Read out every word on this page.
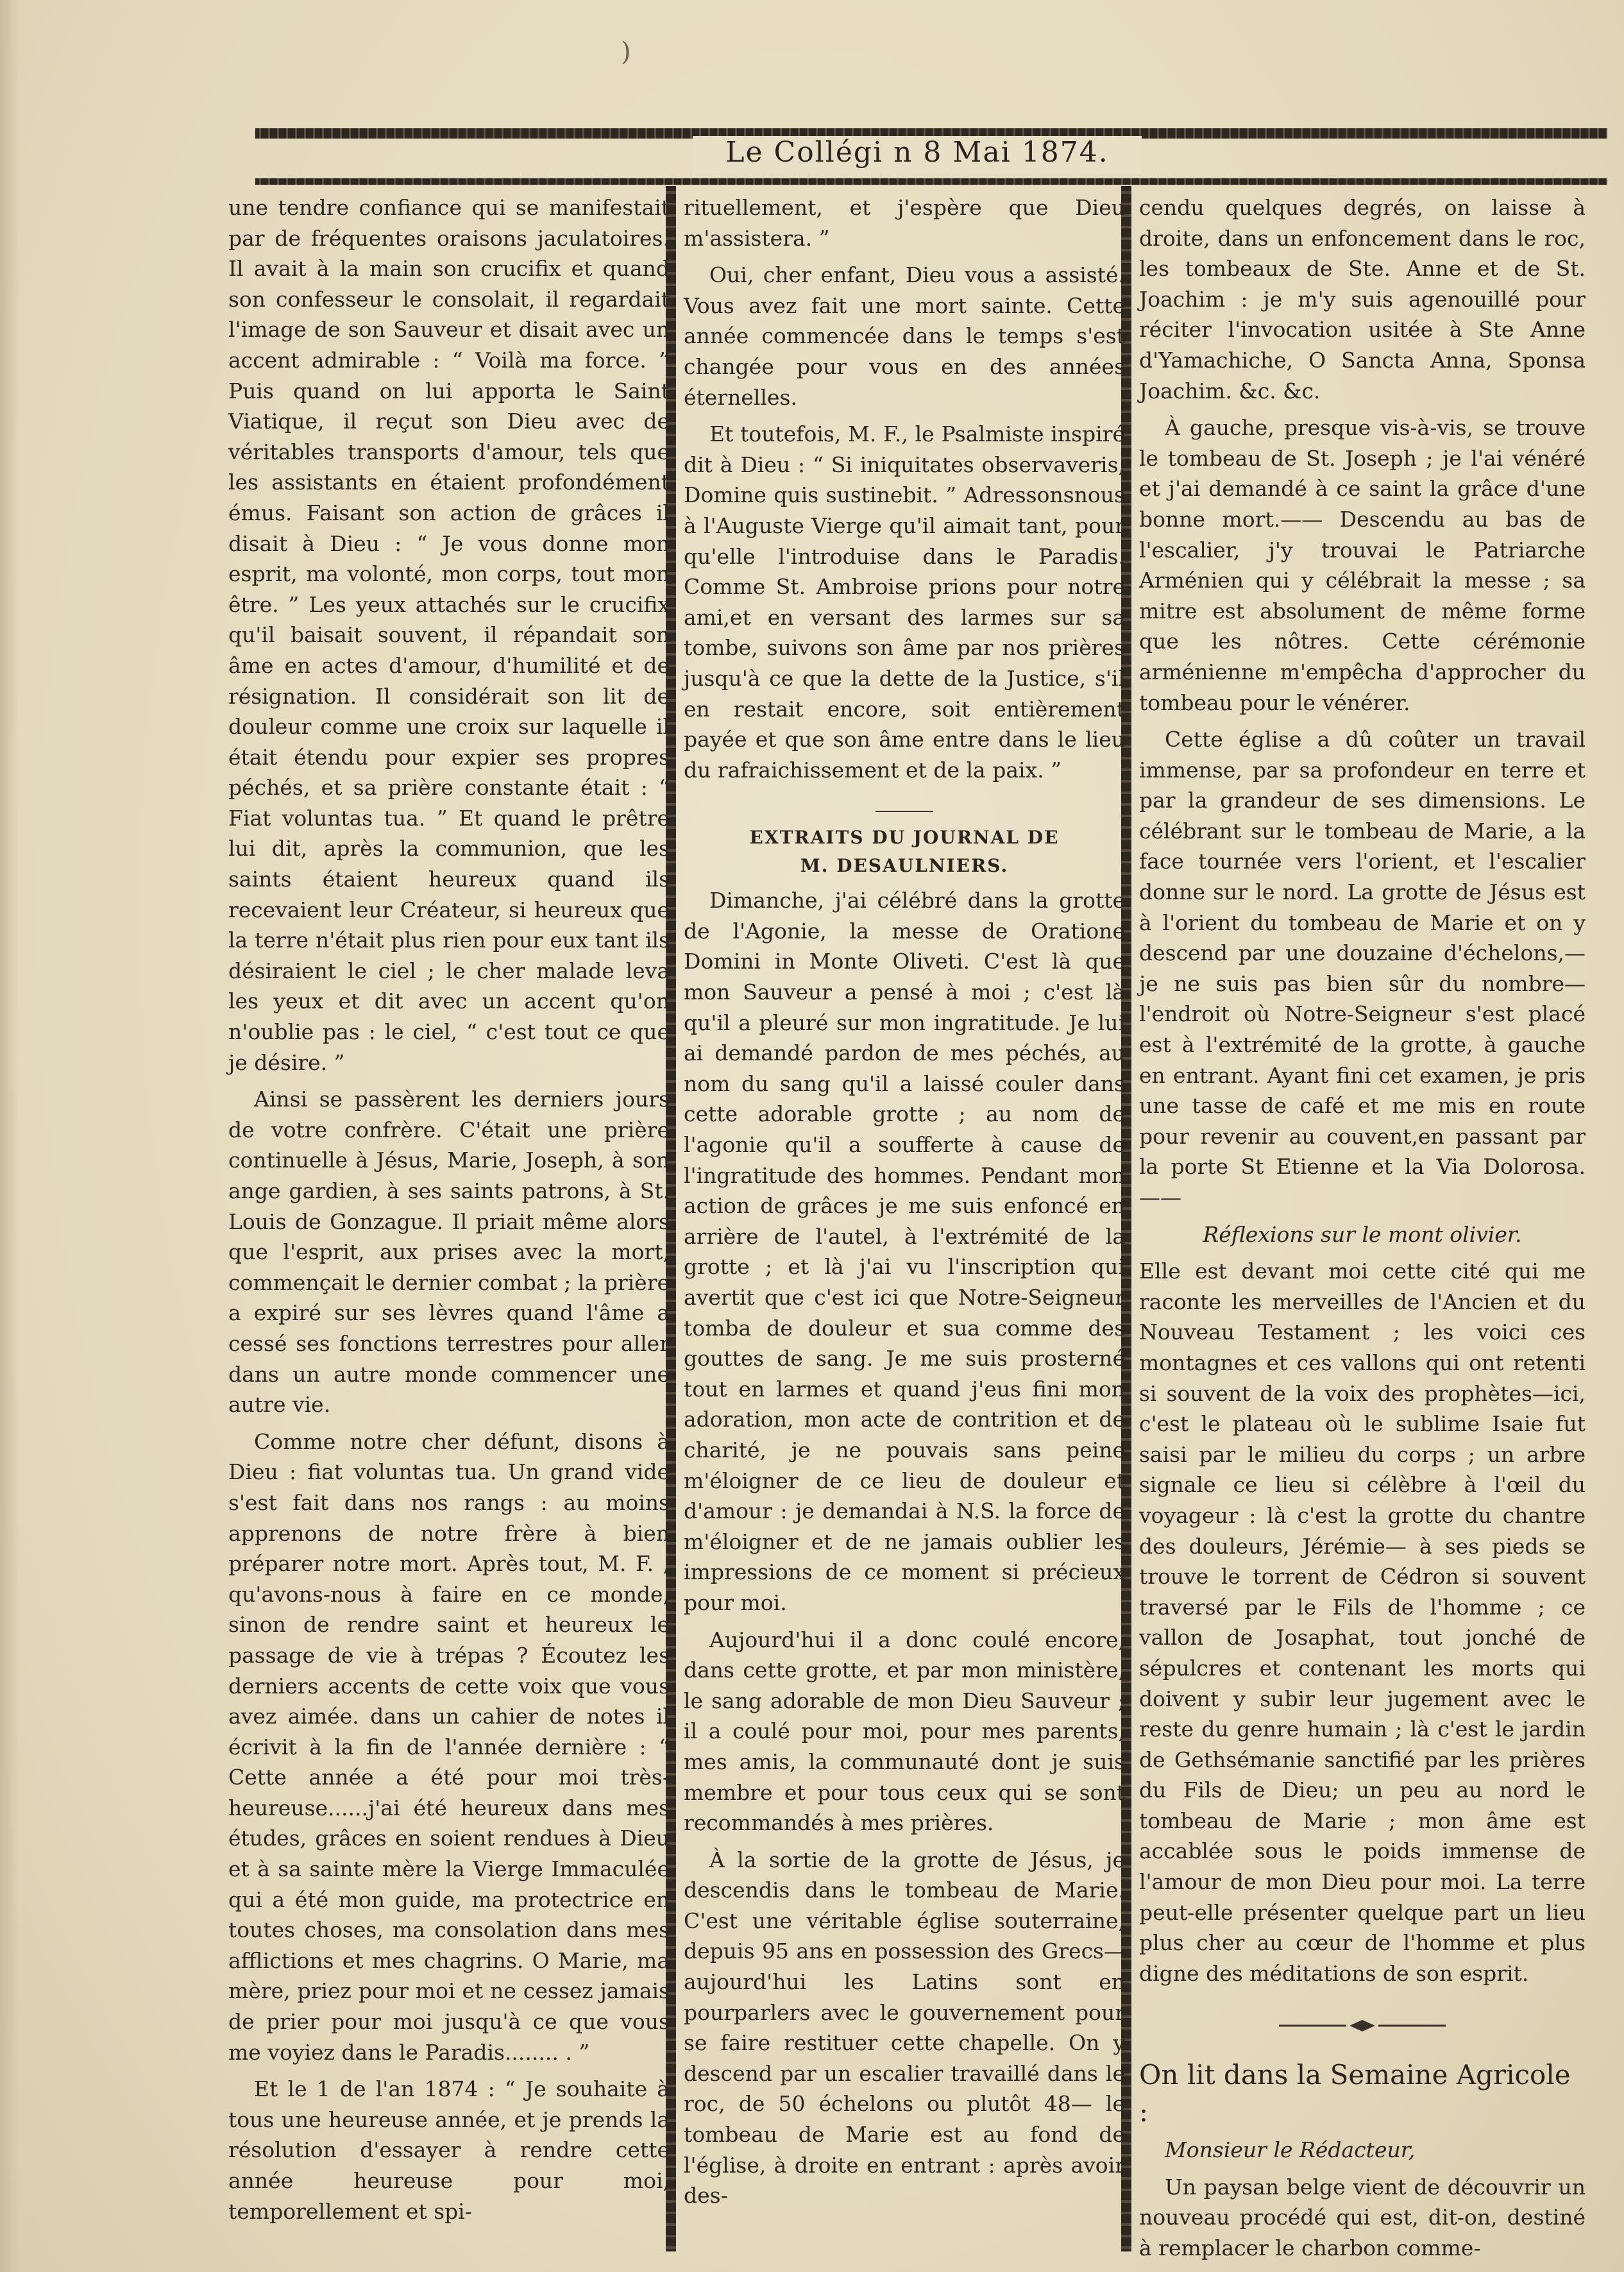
)
Le Collégi n 8 Mai 1874.

une tendre confiance qui se manifestait par de fréquentes oraisons jaculatoires. Il avait à la main son crucifix et quand son confesseur le consolait, il regardait l'image de son Sauveur et disait avec un accent admirable : “ Voilà ma force. ” Puis quand on lui apporta le Saint Viatique, il reçut son Dieu avec de véritables transports d'amour, tels que les assistants en étaient profondément émus. Faisant son action de grâces il disait à Dieu : “ Je vous donne mon esprit, ma volonté, mon corps, tout mon être. ” Les yeux attachés sur le crucifix qu'il baisait souvent, il répandait son âme en actes d'amour, d'humilité et de résignation. Il considérait son lit de douleur comme une croix sur laquelle il était étendu pour expier ses propres péchés, et sa prière constante était : “ Fiat voluntas tua. ” Et quand le prêtre lui dit, après la communion, que les saints étaient heureux quand ils recevaient leur Créateur, si heureux que la terre n'était plus rien pour eux tant ils désiraient le ciel ; le cher malade leva les yeux et dit avec un accent qu'on n'oublie pas : le ciel, “ c'est tout ce que je désire. ”

Ainsi se passèrent les derniers jours de votre confrère. C'était une prière continuelle à Jésus, Marie, Joseph, à son ange gardien, à ses saints patrons, à St. Louis de Gonzague. Il priait même alors que l'esprit, aux prises avec la mort, commençait le dernier combat ; la prière a expiré sur ses lèvres quand l'âme a cessé ses fonctions terrestres pour aller dans un autre monde commencer une autre vie.

Comme notre cher défunt, disons à Dieu : fiat voluntas tua. Un grand vide s'est fait dans nos rangs : au moins apprenons de notre frère à bien préparer notre mort. Après tout, M. F. , qu'avons-nous à faire en ce monde, sinon de rendre saint et heureux le passage de vie à trépas ? Écoutez les derniers accents de cette voix que vous avez aimée. dans un cahier de notes il écrivit à la fin de l'année dernière : “ Cette année a été pour moi très-heureuse......j'ai été heureux dans mes études, grâces en soient rendues à Dieu et à sa sainte mère la Vierge Immaculée qui a été mon guide, ma protectrice en toutes choses, ma consolation dans mes afflictions et mes chagrins. O Marie, ma mère, priez pour moi et ne cessez jamais de prier pour moi jusqu'à ce que vous me voyiez dans le Paradis........ . ”

Et le 1 de l'an 1874 : “ Je souhaite à tous une heureuse année, et je prends la résolution d'essayer à rendre cette année heureuse pour moi, temporellement et spi-

rituellement, et j'espère que Dieu m'assistera. ”

Oui, cher enfant, Dieu vous a assisté. Vous avez fait une mort sainte. Cette année commencée dans le temps s'est changée pour vous en des années éternelles.

Et toutefois, M. F., le Psalmiste inspiré dit à Dieu : “ Si iniquitates observaveris, Domine quis sustinebit. ” Adressonsnous à l'Auguste Vierge qu'il aimait tant, pour qu'elle l'introduise dans le Paradis. Comme St. Ambroise prions pour notre ami,et en versant des larmes sur sa tombe, suivons son âme par nos prières jusqu'à ce que la dette de la Justice, s'il en restait encore, soit entièrement payée et que son âme entre dans le lieu du rafraichissement et de la paix. ”

EXTRAITS DU JOURNAL DE
M. DESAULNIERS.

Dimanche, j'ai célébré dans la grotte de l'Agonie, la messe de Oratione Domini in Monte Oliveti. C'est là que mon Sauveur a pensé à moi ; c'est là qu'il a pleuré sur mon ingratitude. Je lui ai demandé pardon de mes péchés, au nom du sang qu'il a laissé couler dans cette adorable grotte ; au nom de l'agonie qu'il a soufferte à cause de l'ingratitude des hommes. Pendant mon action de grâces je me suis enfoncé en arrière de l'autel, à l'extrémité de la grotte ; et là j'ai vu l'inscription qui avertit que c'est ici que Notre-Seigneur tomba de douleur et sua comme des gouttes de sang. Je me suis prosterné tout en larmes et quand j'eus fini mon adoration, mon acte de contrition et de charité, je ne pouvais sans peine m'éloigner de ce lieu de douleur et d'amour : je demandai à N.S. la force de m'éloigner et de ne jamais oublier les impressions de ce moment si précieux pour moi.

Aujourd'hui il a donc coulé encore, dans cette grotte, et par mon ministère, le sang adorable de mon Dieu Sauveur ; il a coulé pour moi, pour mes parents, mes amis, la communauté dont je suis membre et pour tous ceux qui se sont recommandés à mes prières.

À la sortie de la grotte de Jésus, je descendis dans le tombeau de Marie. C'est une véritable église souterraine, depuis 95 ans en possession des Grecs— aujourd'hui les Latins sont en pourparlers avec le gouvernement pour se faire restituer cette chapelle. On y descend par un escalier travaillé dans le roc, de 50 échelons ou plutôt 48— le tombeau de Marie est au fond de l'église, à droite en entrant : après avoir des-

cendu quelques degrés, on laisse à droite, dans un enfoncement dans le roc, les tombeaux de Ste. Anne et de St. Joachim : je m'y suis agenouillé pour réciter l'invocation usitée à Ste Anne d'Yamachiche, O Sancta Anna, Sponsa Joachim. &c. &c.

À gauche, presque vis-à-vis, se trouve le tombeau de St. Joseph ; je l'ai vénéré et j'ai demandé à ce saint la grâce d'une bonne mort.—— Descendu au bas de l'escalier, j'y trouvai le Patriarche Arménien qui y célébrait la messe ; sa mitre est absolument de même forme que les nôtres. Cette cérémonie arménienne m'empêcha d'approcher du tombeau pour le vénérer.

Cette église a dû coûter un travail immense, par sa profondeur en terre et par la grandeur de ses dimensions. Le célébrant sur le tombeau de Marie, a la face tournée vers l'orient, et l'escalier donne sur le nord. La grotte de Jésus est à l'orient du tombeau de Marie et on y descend par une douzaine d'échelons,— je ne suis pas bien sûr du nombre— l'endroit où Notre-Seigneur s'est placé est à l'extrémité de la grotte, à gauche en entrant. Ayant fini cet examen, je pris une tasse de café et me mis en route pour revenir au couvent,en passant par la porte St Etienne et la Via Dolorosa.——

Réflexions sur le mont olivier.

Elle est devant moi cette cité qui me raconte les merveilles de l'Ancien et du Nouveau Testament ; les voici ces montagnes et ces vallons qui ont retenti si souvent de la voix des prophètes—ici, c'est le plateau où le sublime Isaie fut saisi par le milieu du corps ; un arbre signale ce lieu si célèbre à l'œil du voyageur : là c'est la grotte du chantre des douleurs, Jérémie— à ses pieds se trouve le torrent de Cédron si souvent traversé par le Fils de l'homme ; ce vallon de Josaphat, tout jonché de sépulcres et contenant les morts qui doivent y subir leur jugement avec le reste du genre humain ; là c'est le jardin de Gethsémanie sanctifié par les prières du Fils de Dieu; un peu au nord le tombeau de Marie ; mon âme est accablée sous le poids immense de l'amour de mon Dieu pour moi. La terre peut-elle présenter quelque part un lieu plus cher au cœur de l'homme et plus digne des méditations de son esprit.

On lit dans la Semaine Agricole :
Monsieur le Rédacteur,

Un paysan belge vient de découvrir un nouveau procédé qui est, dit-on, destiné à remplacer le charbon comme-
